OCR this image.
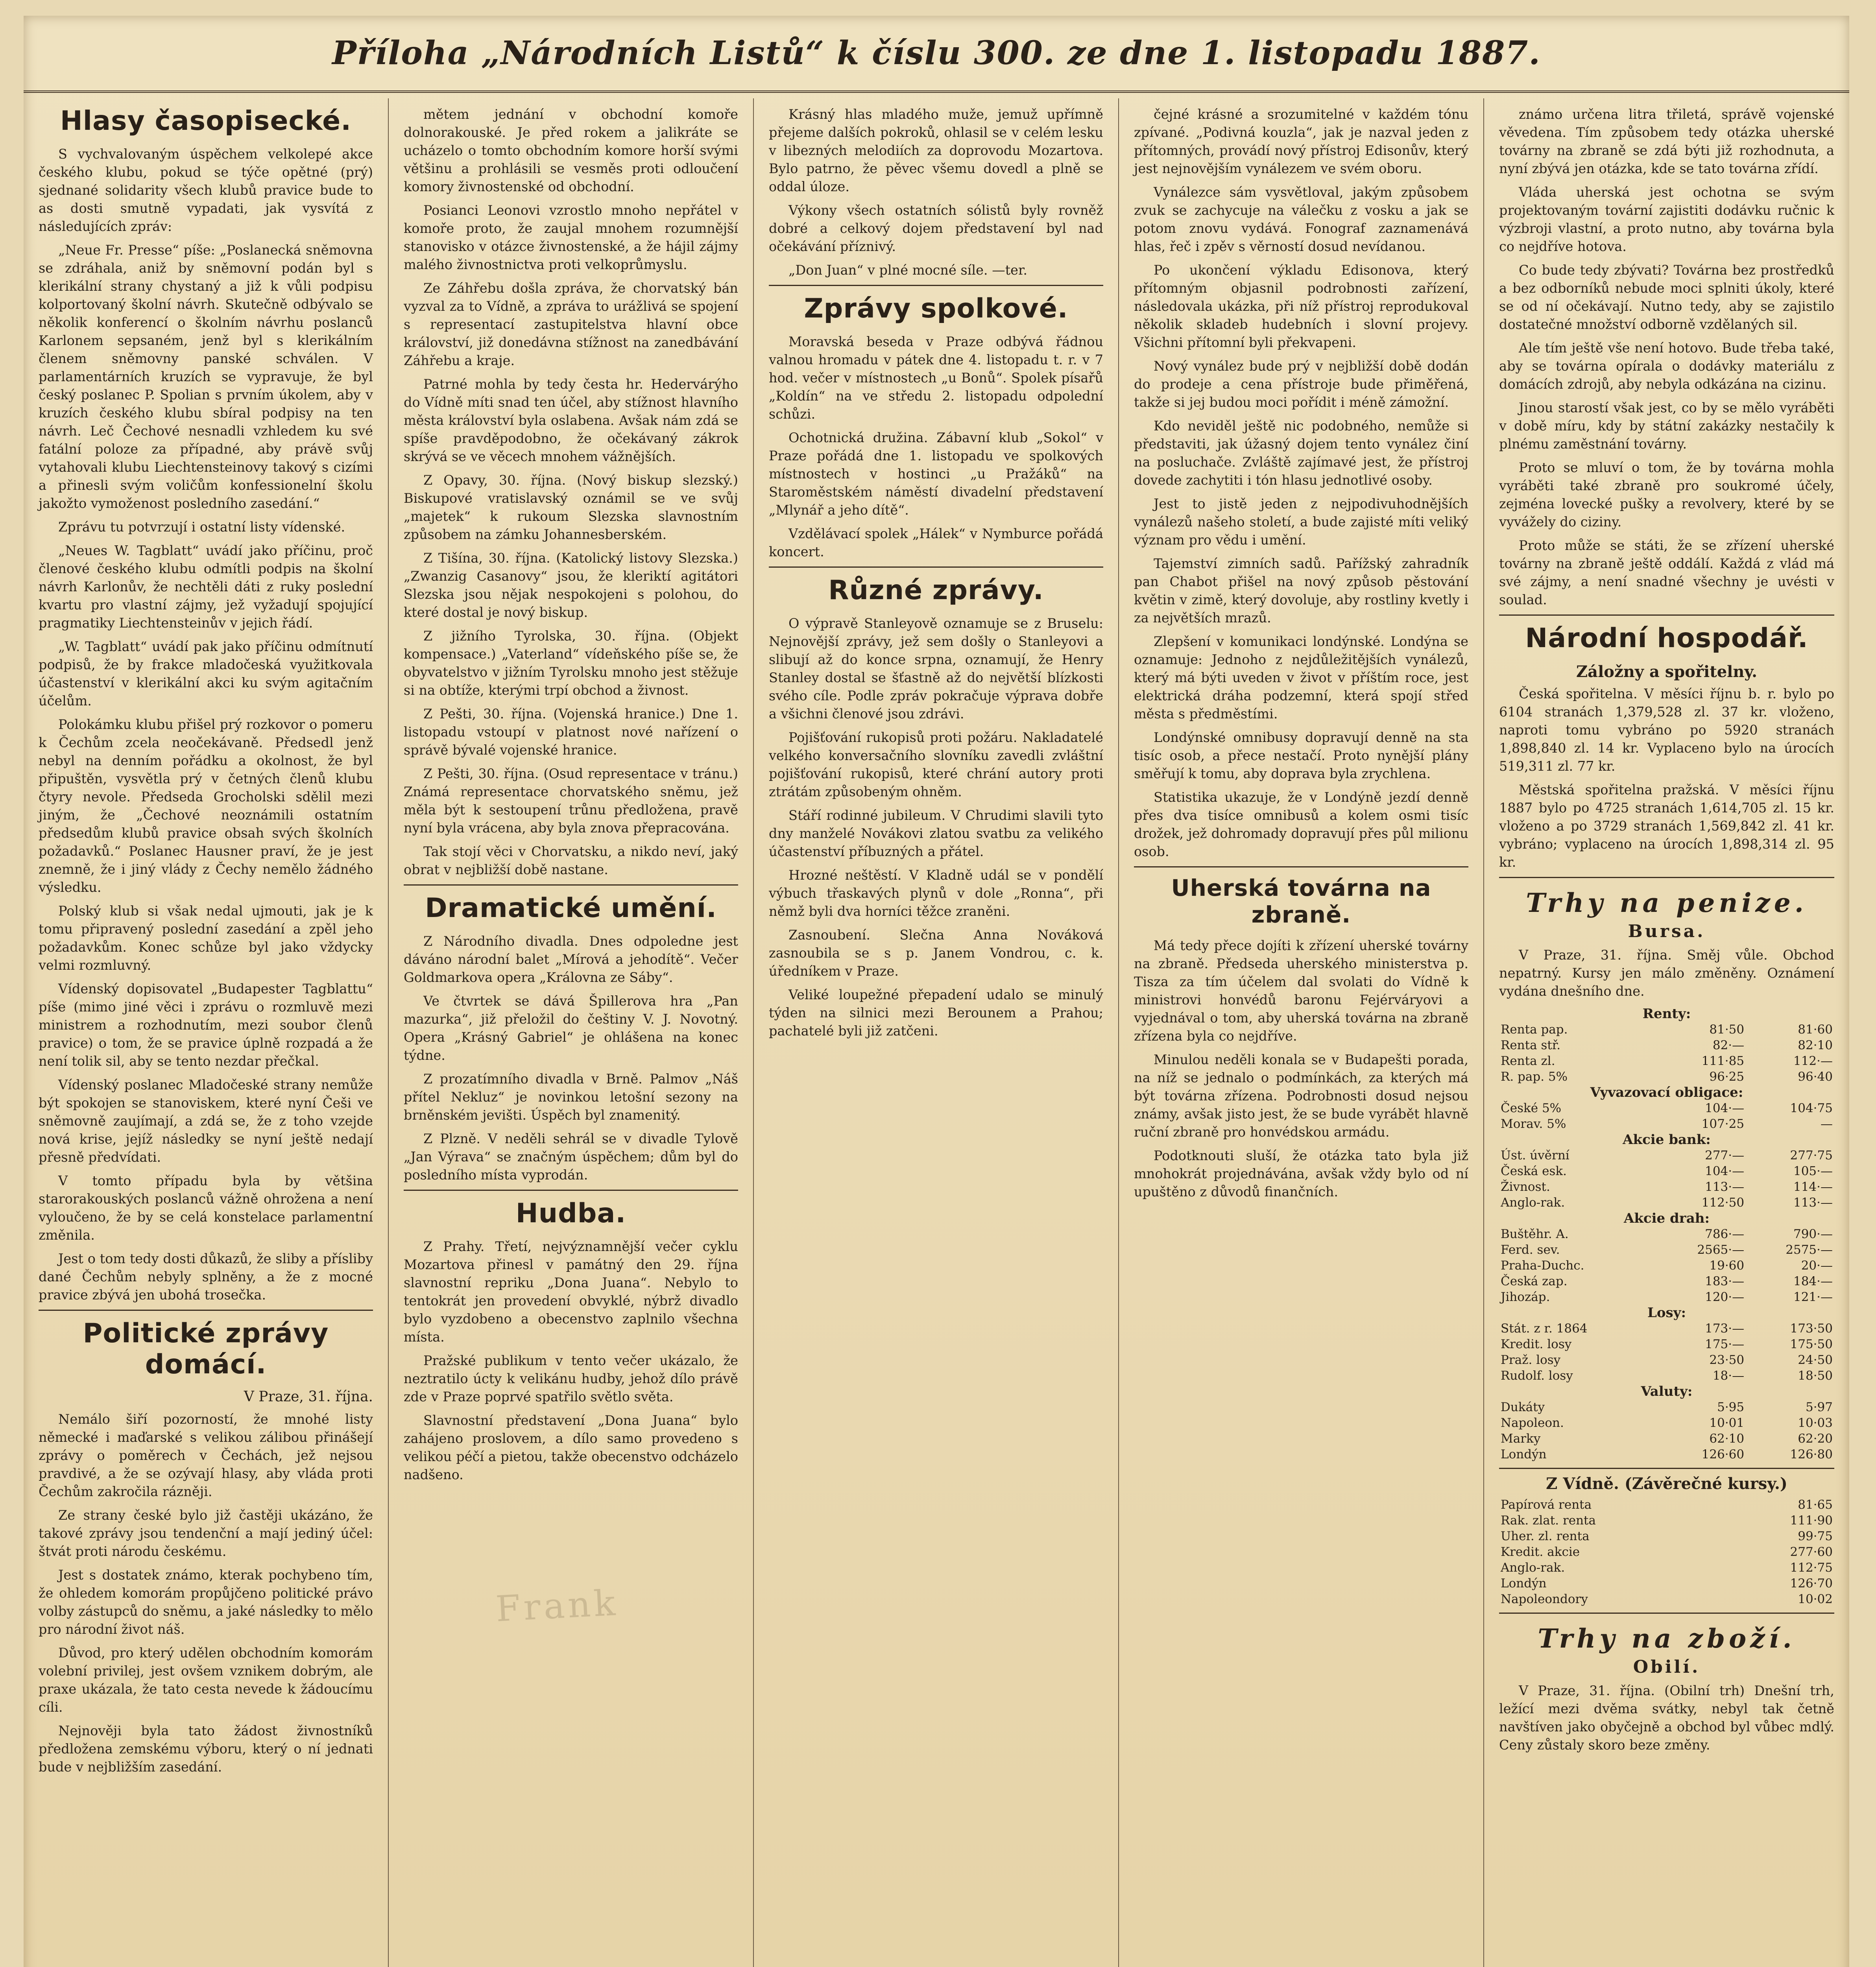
Příloha „Národních Listů“ k číslu 300. ze dne 1. listopadu 1887.
Hlasy časopisecké.

S vychvalovaným úspěchem velkolepé akce českého klubu, pokud se týče opětné (prý) sjednané solidarity všech klubů pravice bude to as dosti smutně vypadati, jak vysvítá z následujících zpráv:

„Neue Fr. Presse“ píše: „Poslanecká sněmovna se zdráhala, aniž by sněmovní podán byl s klerikální strany chystaný a již k vůli podpisu kolportovaný školní návrh. Skutečně odbývalo se několik konferencí o školním návrhu poslanců Karlonem sepsaném, jenž byl s klerikálním členem sněmovny panské schválen. V parlamentárních kruzích se vypravuje, že byl český poslanec P. Spolian s prvním úkolem, aby v kruzích českého klubu sbíral podpisy na ten návrh. Leč Čechové nesnadli vzhledem ku své fatální poloze za případné, aby právě svůj vytahovali klubu Liechtensteinovy takový s cizími a přinesli svým voličům konfessionelní školu jakožto vymoženost posledního zasedání.“

Zprávu tu potvrzují i ostatní listy vídenské.

„Neues W. Tagblatt“ uvádí jako příčinu, proč členové českého klubu odmítli podpis na školní návrh Karlonův, že nechtěli dáti z ruky poslední kvartu pro vlastní zájmy, jež vyžadují spojující pragmatiky Liechtensteinův v jejich řádí.

„W. Tagblatt“ uvádí pak jako příčinu odmítnutí podpisů, že by frakce mladočeská využitkovala účastenství v klerikální akci ku svým agitačním účelům.

Polokámku klubu přišel prý rozkovor o pomeru k Čechům zcela neočekávaně. Předsedl jenž nebyl na denním pořádku a okolnost, že byl připuštěn, vysvětla prý v četných členů klubu čtyry nevole. Předseda Grocholski sdělil mezi jiným, že „Čechové neoznámili ostatním předsedům klubů pravice obsah svých školních požadavků.“ Poslanec Hausner praví, že je jest znemně, že i jiný vlády z Čechy nemělo žádného výsledku.

Polský klub si však nedal ujmouti, jak je k tomu připravený poslední zasedání a zpěl jeho požadavkům. Konec schůze byl jako vždycky velmi rozmluvný.

Vídenský dopisovatel „Budapester Tagblattu“ píše (mimo jiné věci i zprávu o rozmluvě mezi ministrem a rozhodnutím, mezi soubor členů pravice) o tom, že se pravice úplně rozpadá a že není tolik sil, aby se tento nezdar přečkal.

Vídenský poslanec Mladočeské strany nemůže být spokojen se stanoviskem, které nyní Češi ve sněmovně zaujímají, a zdá se, že z toho vzejde nová krise, jejíž následky se nyní ještě nedají přesně předvídati.

V tomto případu byla by většina starorakouských poslanců vážně ohrožena a není vyloučeno, že by se celá konstelace parlamentní změnila.

Jest o tom tedy dosti důkazů, že sliby a přísliby dané Čechům nebyly splněny, a že z mocné pravice zbývá jen ubohá trosečka.

Politické zprávy domácí.
V Praze, 31. října.

Nemálo šiří pozorností, že mnohé listy německé i maďarské s velikou zálibou přinášejí zprávy o poměrech v Čechách, jež nejsou pravdivé, a že se ozývají hlasy, aby vláda proti Čechům zakročila rázněji.

Ze strany české bylo již častěji ukázáno, že takové zprávy jsou tendenční a mají jediný účel: štvát proti národu českému.

Jest s dostatek známo, kterak pochybeno tím, že ohledem komorám propůjčeno politické právo volby zástupců do sněmu, a jaké následky to mělo pro národní život náš.

Důvod, pro který udělen obchodním komorám volební privilej, jest ovšem vznikem dobrým, ale praxe ukázala, že tato cesta nevede k žádoucímu cíli.

Nejnověji byla tato žádost živnostníků předložena zemskému výboru, který o ní jednati bude v nejbližším zasedání.

mětem jednání v obchodní komoře dolnorakouské. Je před rokem a jalikráte se ucházelo o tomto obchodním komore horší svými většinu a prohlásili se vesměs proti odloučení komory živnostenské od obchodní.

Posianci Leonovi vzrostlo mnoho nepřátel v komoře proto, že zaujal mnohem rozumnější stanovisko v otázce živnostenské, a že hájil zájmy malého živnostnictva proti velkoprůmyslu.

Ze Záhřebu došla zpráva, že chorvatský bán vyzval za to Vídně, a zpráva to urážlivá se spojení s representací zastupitelstva hlavní obce království, již donedávna stížnost na zanedbávání Záhřebu a kraje.

Patrné mohla by tedy česta hr. Hedervárýho do Vídně míti snad ten účel, aby stížnost hlavního města království byla oslabena. Avšak nám zdá se spíše pravděpodobno, že očekávaný zákrok skrývá se ve věcech mnohem vážnějších.

Z Opavy, 30. října. (Nový biskup slezský.) Biskupové vratislavský oznámil se ve svůj „majetek“ k rukoum Slezska slavnostním způsobem na zámku Johannesberském.

Z Tišína, 30. října. (Katolický listovy Slezska.) „Zwanzig Casanovy“ jsou, že kleriktí agitátori Slezska jsou nějak nespokojeni s polohou, do které dostal je nový biskup.

Z jižního Tyrolska, 30. října. (Objekt kompensace.) „Vaterland“ vídeňského píše se, že obyvatelstvo v jižním Tyrolsku mnoho jest stěžuje si na obtíže, kterými trpí obchod a živnost.

Z Pešti, 30. října. (Vojenská hranice.) Dne 1. listopadu vstoupí v platnost nové nařízení o správě bývalé vojenské hranice.

Z Pešti, 30. října. (Osud representace v tránu.) Známá representace chorvatského sněmu, jež měla být k sestoupení trůnu předložena, pravě nyní byla vrácena, aby byla znova přepracována.

Tak stojí věci v Chorvatsku, a nikdo neví, jaký obrat v nejbližší době nastane.

Dramatické umění.

Z Národního divadla. Dnes odpoledne jest dáváno národní balet „Mírová a jehodítě“. Večer Goldmarkova opera „Královna ze Sáby“.

Ve čtvrtek se dává Špillerova hra „Pan mazurka“, již přeložil do češtiny V. J. Novotný. Opera „Krásný Gabriel“ je ohlášena na konec týdne.

Z prozatímního divadla v Brně. Palmov „Náš přítel Nekluz“ je novinkou letošní sezony na brněnském jevišti. Úspěch byl znamenitý.

Z Plzně. V neděli sehrál se v divadle Tylově „Jan Výrava“ se značným úspěchem; dům byl do posledního místa vyprodán.

Hudba.

Z Prahy. Třetí, nejvýznamnější večer cyklu Mozartova přinesl v památný den 29. října slavnostní repriku „Dona Juana“. Nebylo to tentokrát jen provedení obvyklé, nýbrž divadlo bylo vyzdobeno a obecenstvo zaplnilo všechna místa.

Pražské publikum v tento večer ukázalo, že neztratilo úcty k velikánu hudby, jehož dílo právě zde v Praze poprvé spatřilo světlo světa.

Slavnostní představení „Dona Juana“ bylo zahájeno proslovem, a dílo samo provedeno s velikou péčí a pietou, takže obecenstvo odcházelo nadšeno.

Krásný hlas mladého muže, jemuž upřímně přejeme dalších pokroků, ohlasil se v celém lesku v libezných melodiích za doprovodu Mozartova. Bylo patrno, že pěvec všemu dovedl a plně se oddal úloze.

Výkony všech ostatních sólistů byly rovněž dobré a celkový dojem představení byl nad očekávání příznivý.

„Don Juan“ v plné mocné síle. —ter.

Zprávy spolkové.

Moravská beseda v Praze odbývá řádnou valnou hromadu v pátek dne 4. listopadu t. r. v 7 hod. večer v místnostech „u Bonů“. Spolek písařů „Koldín“ na ve středu 2. listopadu odpolední schůzi.

Ochotnická družina. Zábavní klub „Sokol“ v Praze pořádá dne 1. listopadu ve spolkových místnostech v hostinci „u Pražáků“ na Staroměstském náměstí divadelní představení „Mlynář a jeho dítě“.

Vzdělávací spolek „Hálek“ v Nymburce pořádá koncert.

Různé zprávy.

O výpravě Stanleyově oznamuje se z Bruselu: Nejnovější zprávy, jež sem došly o Stanleyovi a slibují až do konce srpna, oznamují, že Henry Stanley dostal se šťastně až do největší blízkosti svého cíle. Podle zpráv pokračuje výprava dobře a všichni členové jsou zdrávi.

Pojišťování rukopisů proti požáru. Nakladatelé velkého konversačního slovníku zavedli zvláštní pojišťování rukopisů, které chrání autory proti ztrátám způsobeným ohněm.

Stáří rodinné jubileum. V Chrudimi slavili tyto dny manželé Novákovi zlatou svatbu za velikého účastenství příbuzných a přátel.

Hrozné neštěstí. V Kladně udál se v pondělí výbuch třaskavých plynů v dole „Ronna“, při němž byli dva horníci těžce zraněni.

Zasnoubení. Slečna Anna Nováková zasnoubila se s p. Janem Vondrou, c. k. úředníkem v Praze.

Veliké loupežné přepadení udalo se minulý týden na silnici mezi Berounem a Prahou; pachatelé byli již zatčeni.

čejné krásné a srozumitelné v každém tónu zpívané. „Podivná kouzla“, jak je nazval jeden z přítomných, provádí nový přístroj Edisonův, který jest nejnovějším vynálezem ve svém oboru.

Vynálezce sám vysvětloval, jakým způsobem zvuk se zachycuje na válečku z vosku a jak se potom znovu vydává. Fonograf zaznamenává hlas, řeč i zpěv s věrností dosud nevídanou.

Po ukončení výkladu Edisonova, který přítomným objasnil podrobnosti zařízení, následovala ukázka, při níž přístroj reprodukoval několik skladeb hudebních i slovní projevy. Všichni přítomní byli překvapeni.

Nový vynález bude prý v nejbližší době dodán do prodeje a cena přístroje bude přiměřená, takže si jej budou moci pořídit i méně zámožní.

Kdo neviděl ještě nic podobného, nemůže si představiti, jak úžasný dojem tento vynález činí na posluchače. Zvláště zajímavé jest, že přístroj dovede zachytiti i tón hlasu jednotlivé osoby.

Jest to jistě jeden z nejpodivuhodnějších vynálezů našeho století, a bude zajisté míti veliký význam pro vědu i umění.

Tajemství zimních sadů. Pařížský zahradník pan Chabot přišel na nový způsob pěstování květin v zimě, který dovoluje, aby rostliny kvetly i za největších mrazů.

Zlepšení v komunikaci londýnské. Londýna se oznamuje: Jednoho z nejdůležitějších vynálezů, který má býti uveden v život v příštím roce, jest elektrická dráha podzemní, která spojí střed města s předměstími.

Londýnské omnibusy dopravují denně na sta tisíc osob, a přece nestačí. Proto nynější plány směřují k tomu, aby doprava byla zrychlena.

Statistika ukazuje, že v Londýně jezdí denně přes dva tisíce omnibusů a kolem osmi tisíc drožek, jež dohromady dopravují přes půl milionu osob.

Uherská továrna na zbraně.

Má tedy přece dojíti k zřízení uherské továrny na zbraně. Předseda uherského ministerstva p. Tisza za tím účelem dal svolati do Vídně k ministrovi honvédů baronu Fejérváryovi a vyjednával o tom, aby uherská továrna na zbraně zřízena byla co nejdříve.

Minulou neděli konala se v Budapešti porada, na níž se jednalo o podmínkách, za kterých má být továrna zřízena. Podrobnosti dosud nejsou známy, avšak jisto jest, že se bude vyrábět hlavně ruční zbraně pro honvédskou armádu.

Podotknouti sluší, že otázka tato byla již mnohokrát projednávána, avšak vždy bylo od ní upuštěno z důvodů finančních.

známo určena litra třiletá, správě vojenské věvedena. Tím způsobem tedy otázka uherské továrny na zbraně se zdá býti již rozhodnuta, a nyní zbývá jen otázka, kde se tato továrna zřídí.

Vláda uherská jest ochotna se svým projektovaným tovární zajistiti dodávku ručnic k výzbroji vlastní, a proto nutno, aby továrna byla co nejdříve hotova.

Co bude tedy zbývati? Továrna bez prostředků a bez odborníků nebude moci splniti úkoly, které se od ní očekávají. Nutno tedy, aby se zajistilo dostatečné množství odborně vzdělaných sil.

Ale tím ještě vše není hotovo. Bude třeba také, aby se továrna opírala o dodávky materiálu z domácích zdrojů, aby nebyla odkázána na cizinu.

Jinou starostí však jest, co by se mělo vyráběti v době míru, kdy by státní zakázky nestačily k plnému zaměstnání továrny.

Proto se mluví o tom, že by továrna mohla vyráběti také zbraně pro soukromé účely, zejména lovecké pušky a revolvery, které by se vyvážely do ciziny.

Proto může se státi, že se zřízení uherské továrny na zbraně ještě oddálí. Každá z vlád má své zájmy, a není snadné všechny je uvésti v soulad.

Národní hospodář.
Záložny a spořitelny.

Česká spořitelna. V měsíci říjnu b. r. bylo po 6104 stranách 1,379,528 zl. 37 kr. vloženo, naproti tomu vybráno po 5920 stranách 1,898,840 zl. 14 kr. Vyplaceno bylo na úrocích 519,311 zl. 77 kr.

Městská spořitelna pražská. V měsíci říjnu 1887 bylo po 4725 stranách 1,614,705 zl. 15 kr. vloženo a po 3729 stranách 1,569,842 zl. 41 kr. vybráno; vyplaceno na úrocích 1,898,314 zl. 95 kr.

Trhy na penize.
Bursa.

V Praze, 31. října. Směj vůle. Obchod nepatrný. Kursy jen málo změněny. Oznámení vydána dnešního dne.

Renty:		
Renta pap.	81·50	81·60
Renta stř.	82·—	82·10
Renta zl.	111·85	112·—
R. pap. 5%	96·25	96·40
Vyvazovací obligace:		
České 5%	104·—	104·75
Morav. 5%	107·25	—
Akcie bank:		
Úst. úvěrní	277·—	277·75
Česká esk.	104·—	105·—
Živnost.	113·—	114·—
Anglo-rak.	112·50	113·—
Akcie drah:		
Buštěhr. A.	786·—	790·—
Ferd. sev.	2565·—	2575·—
Praha-Duchc.	19·60	20·—
Česká zap.	183·—	184·—
Jihozáp.	120·—	121·—
Losy:		
Stát. z r. 1864	173·—	173·50
Kredit. losy	175·—	175·50
Praž. losy	23·50	24·50
Rudolf. losy	18·—	18·50
Valuty:		
Dukáty	5·95	5·97
Napoleon.	10·01	10·03
Marky	62·10	62·20
Londýn	126·60	126·80
Z Vídně. (Závěrečné kursy.)
Papírová renta	81·65
Rak. zlat. renta	111·90
Uher. zl. renta	99·75
Kredit. akcie	277·60
Anglo-rak.	112·75
Londýn	126·70
Napoleondory	10·02
Trhy na zboží.
Obilí.

V Praze, 31. října. (Obilní trh) Dnešní trh, ležící mezi dvěma svátky, nebyl tak četně navštíven jako obyčejně a obchod byl vůbec mdlý. Ceny zůstaly skoro beze změny.

Frank
